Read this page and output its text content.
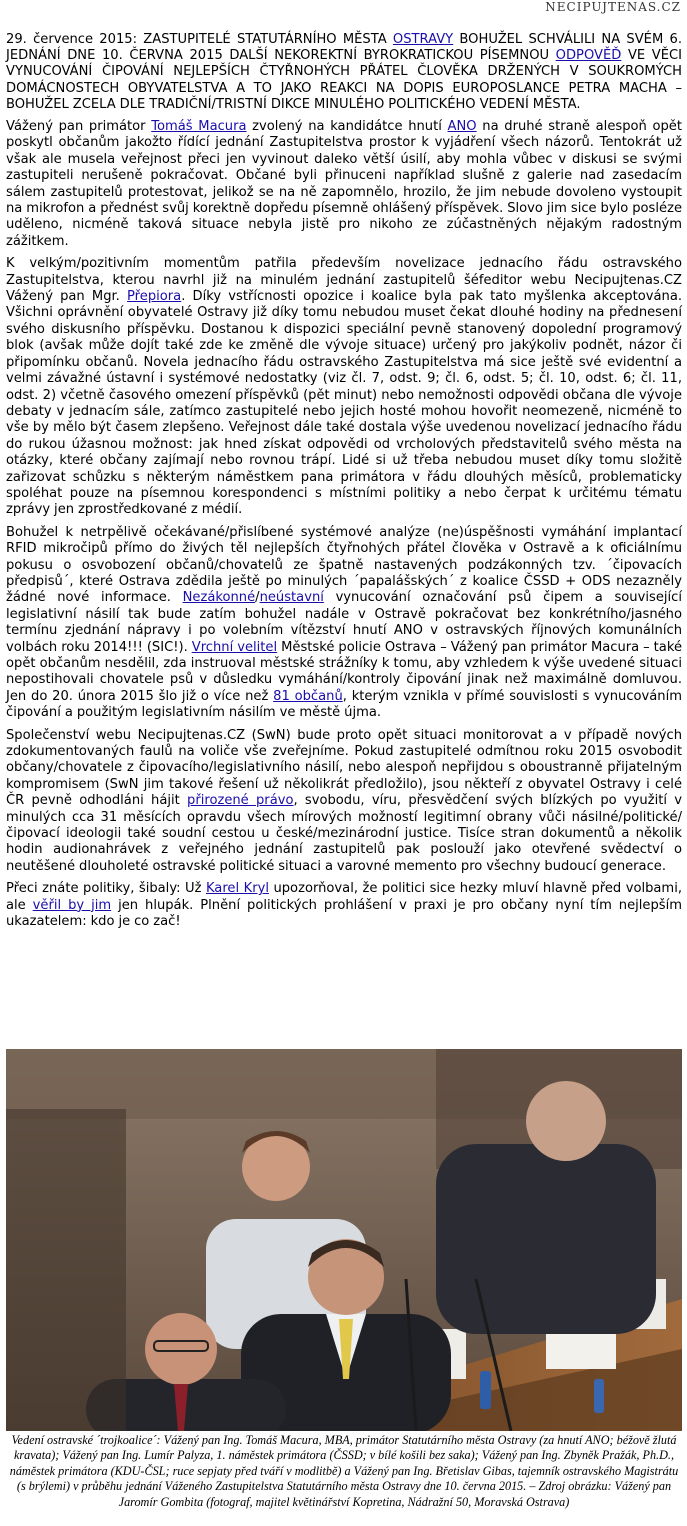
NECIPUJTENAS.CZ

29. července 2015: ZASTUPITELÉ STATUTÁRNÍHO MĚSTA OSTRAVY BOHUŽEL SCHVÁLILI NA SVÉM 6. JEDNÁNÍ DNE 10. ČERVNA 2015 DALŠÍ NEKOREKTNÍ BYROKRATICKOU PÍSEMNOU ODPOVĚĎ VE VĚCI VYNUCOVÁNÍ ČIPOVÁNÍ NEJLEPŠÍCH ČTYŘNOHÝCH PŘÁTEL ČLOVĚKA DRŽENÝCH V SOUKROMÝCH DOMÁCNOSTECH OBYVATELSTVA A TO JAKO REAKCI NA DOPIS EUROPOSLANCE PETRA MACHA – BOHUŽEL ZCELA DLE TRADIČNÍ/TRISTNÍ DIKCE MINULÉHO POLITICKÉHO VEDENÍ MĚSTA.

Vážený pan primátor Tomáš Macura zvolený na kandidátce hnutí ANO na druhé straně alespoň opět poskytl občanům jakožto řídící jednání Zastupitelstva prostor k vyjádření všech názorů. Tentokrát už však ale musela veřejnost přeci jen vyvinout daleko větší úsilí, aby mohla vůbec v diskusi se svými zastupiteli nerušeně pokračovat. Občané byli přinuceni například slušně z galerie nad zasedacím sálem zastupitelů protestovat, jelikož se na ně zapomnělo, hrozilo, že jim nebude dovoleno vystoupit na mikrofon a přednést svůj korektně dopředu písemně ohlášený příspěvek. Slovo jim sice bylo posléze uděleno, nicméně taková situace nebyla jistě pro nikoho ze zúčastněných nějakým radostným zážitkem.

K velkým/pozitivním momentům patřila především novelizace jednacího řádu ostravského Zastupitelstva, kterou navrhl již na minulém jednání zastupitelů šéfeditor webu Necipujtenas.CZ Vážený pan Mgr. Přepiora. Díky vstřícnosti opozice i koalice byla pak tato myšlenka akceptována. Všichni oprávnění obyvatelé Ostravy již díky tomu nebudou muset čekat dlouhé hodiny na přednesení svého diskusního příspěvku. Dostanou k dispozici speciální pevně stanovený dopolední programový blok (avšak může dojít také zde ke změně dle vývoje situace) určený pro jakýkoliv podnět, názor či připomínku občanů. Novela jednacího řádu ostravského Zastupitelstva má sice ještě své evidentní a velmi závažné ústavní i systémové nedostatky (viz čl. 7, odst. 9; čl. 6, odst. 5; čl. 10, odst. 6; čl. 11, odst. 2) včetně časového omezení příspěvků (pět minut) nebo nemožnosti odpovědi občana dle vývoje debaty v jednacím sále, zatímco zastupitelé nebo jejich hosté mohou hovořit neomezeně, nicméně to vše by mělo být časem zlepšeno. Veřejnost dále také dostala výše uvedenou novelizací jednacího řádu do rukou úžasnou možnost: jak hned získat odpovědi od vrcholových představitelů svého města na otázky, které občany zajímají nebo rovnou trápí. Lidé si už třeba nebudou muset díky tomu složitě zařizovat schůzku s některým náměstkem pana primátora v řádu dlouhých měsíců, problematicky spoléhat pouze na písemnou korespondenci s místními politiky a nebo čerpat k určitému tématu zprávy jen zprostředkované z médií.

Bohužel k netrpělivě očekávané/přislíbené systémové analýze (ne)úspěšnosti vymáhání implantací RFID mikročipů přímo do živých těl nejlepších čtyřnohých přátel člověka v Ostravě a k oficiálnímu pokusu o osvobození občanů/chovatelů ze špatně nastavených podzákonných tzv. ´čipovacích předpisů´, které Ostrava zdědila ještě po minulých ´papalášských´ z koalice ČSSD + ODS nezazněly žádné nové informace. Nezákonné/neústavní vynucování označování psů čipem a související legislativní násilí tak bude zatím bohužel nadále v Ostravě pokračovat bez konkrétního/jasného termínu zjednání nápravy i po volebním vítězství hnutí ANO v ostravských říjnových komunálních volbách roku 2014!!! (SIC!). Vrchní velitel Městské policie Ostrava – Vážený pan primátor Macura – také opět občanům nesdělil, zda instruoval městské strážníky k tomu, aby vzhledem k výše uvedené situaci nepostihovali chovatele psů v důsledku vymáhání/kontroly čipování jinak než maximálně domluvou. Jen do 20. února 2015 šlo již o více než 81 občanů, kterým vznikla v přímé souvislosti s vynucováním čipování a použitým legislativním násilím ve městě újma.

Společenství webu Necipujtenas.CZ (SwN) bude proto opět situaci monitorovat a v případě nových zdokumentovaných faulů na voliče vše zveřejníme. Pokud zastupitelé odmítnou roku 2015 osvobodit občany/chovatele z čipovacího/legislativního násilí, nebo alespoň nepřijdou s oboustranně přijatelným kompromisem (SwN jim takové řešení už několikrát předložilo), jsou někteří z obyvatel Ostravy i celé ČR pevně odhodláni hájit přirozené právo, svobodu, víru, přesvědčení svých blízkých po využití v minulých cca 31 měsících opravdu všech mírových možností legitimní obrany vůči násilné/politické/čipovací ideologii také soudní cestou u české/mezinárodní justice. Tisíce stran dokumentů a několik hodin audionahrávek z veřejného jednání zastupitelů pak poslouží jako otevřené svědectví o neutěšené dlouholeté ostravské politické situaci a varovné memento pro všechny budoucí generace.

Přeci znáte politiky, šibaly: Už Karel Kryl upozorňoval, že politici sice hezky mluví hlavně před volbami, ale věřil by jim jen hlupák. Plnění politických prohlášení v praxi je pro občany nyní tím nejlepším ukazatelem: kdo je co zač!

Vedení ostravské ´trojkoalice´: Vážený pan Ing. Tomáš Macura, MBA, primátor Statutárního města Ostravy (za hnutí ANO; béžově žlutá kravata); Vážený pan Ing. Lumír Palyza, 1. náměstek primátora (ČSSD; v bílé košili bez saka); Vážený pan Ing. Zbyněk Pražák, Ph.D., náměstek primátora (KDU-ČSL; ruce sepjaty před tváří v modlitbě) a Vážený pan Ing. Břetislav Gibas, tajemník ostravského Magistrátu (s brýlemi) v průběhu jednání Váženého Zastupitelstva Statutárního města Ostravy dne 10. června 2015. – Zdroj obrázku: Vážený pan Jaromír Gombita (fotograf, majitel květinářství Kopretina, Nádražní 50, Moravská Ostrava)
